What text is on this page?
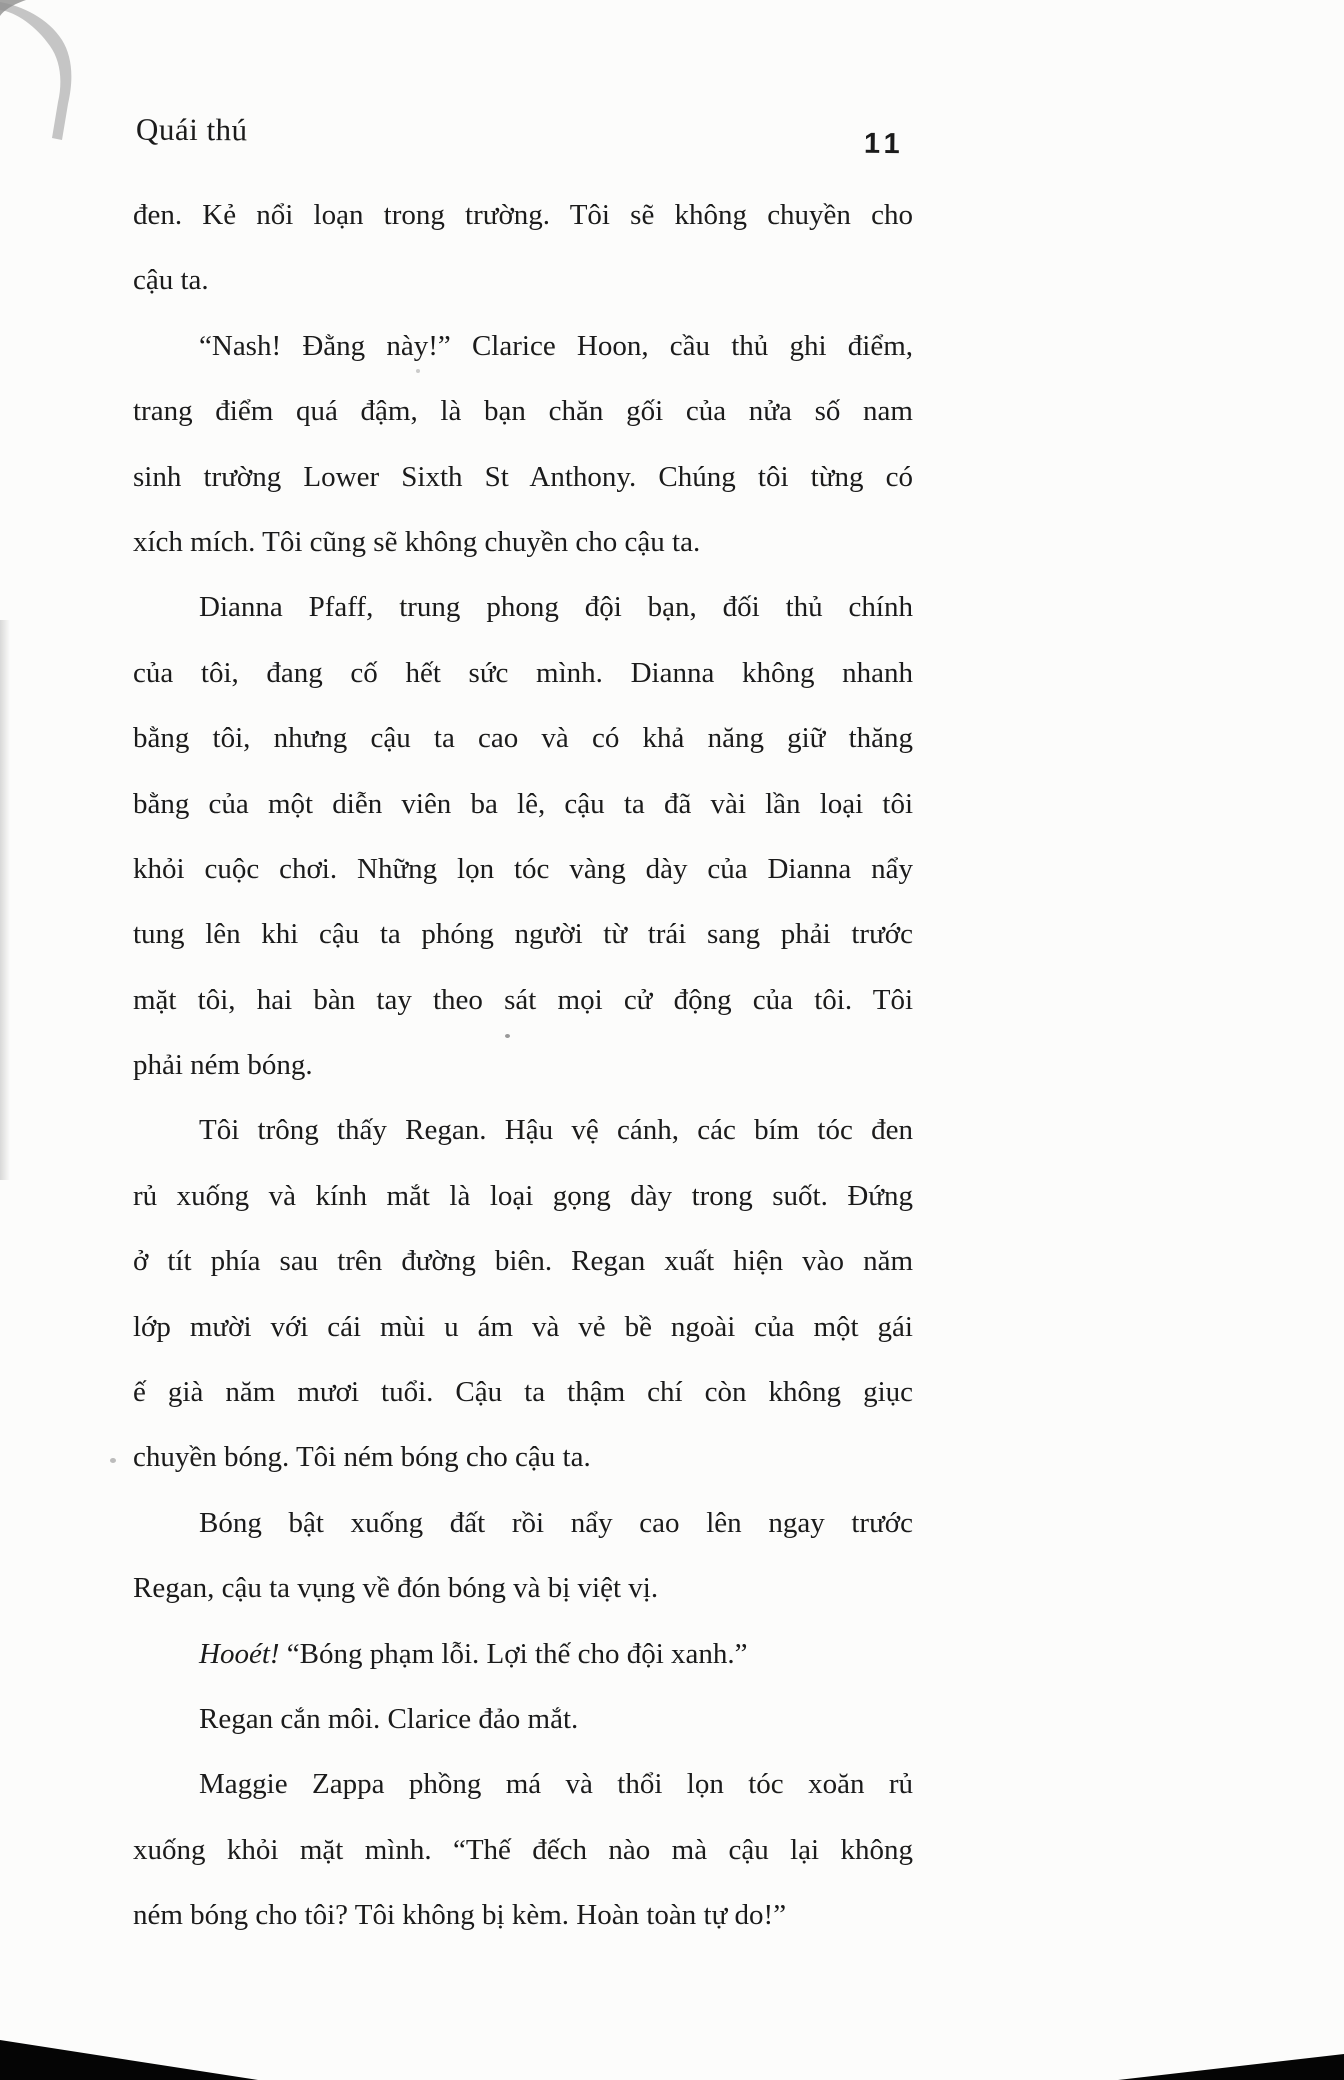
Quái thú	11
đen. Kẻ nổi loạn trong trường. Tôi sẽ không chuyền cho
cậu ta.
“Nash! Đằng này!” Clarice Hoon, cầu thủ ghi điểm,
trang điểm quá đậm, là bạn chăn gối của nửa số nam
sinh trường Lower Sixth St Anthony. Chúng tôi từng có
xích mích. Tôi cũng sẽ không chuyền cho cậu ta.
Dianna Pfaff, trung phong đội bạn, đối thủ chính
của tôi, đang cố hết sức mình. Dianna không nhanh
bằng tôi, nhưng cậu ta cao và có khả năng giữ thăng
bằng của một diễn viên ba lê, cậu ta đã vài lần loại tôi
khỏi cuộc chơi. Những lọn tóc vàng dày của Dianna nẩy
tung lên khi cậu ta phóng người từ trái sang phải trước
mặt tôi, hai bàn tay theo sát mọi cử động của tôi. Tôi
phải ném bóng.
Tôi trông thấy Regan. Hậu vệ cánh, các bím tóc đen
rủ xuống và kính mắt là loại gọng dày trong suốt. Đứng
ở tít phía sau trên đường biên. Regan xuất hiện vào năm
lớp mười với cái mùi u ám và vẻ bề ngoài của một gái
ế già năm mươi tuổi. Cậu ta thậm chí còn không giục
chuyền bóng. Tôi ném bóng cho cậu ta.
Bóng bật xuống đất rồi nẩy cao lên ngay trước
Regan, cậu ta vụng về đón bóng và bị việt vị.
Hooét! “Bóng phạm lỗi. Lợi thế cho đội xanh.”
Regan cắn môi. Clarice đảo mắt.
Maggie Zappa phồng má và thổi lọn tóc xoăn rủ
xuống khỏi mặt mình. “Thế đếch nào mà cậu lại không
ném bóng cho tôi? Tôi không bị kèm. Hoàn toàn tự do!”
